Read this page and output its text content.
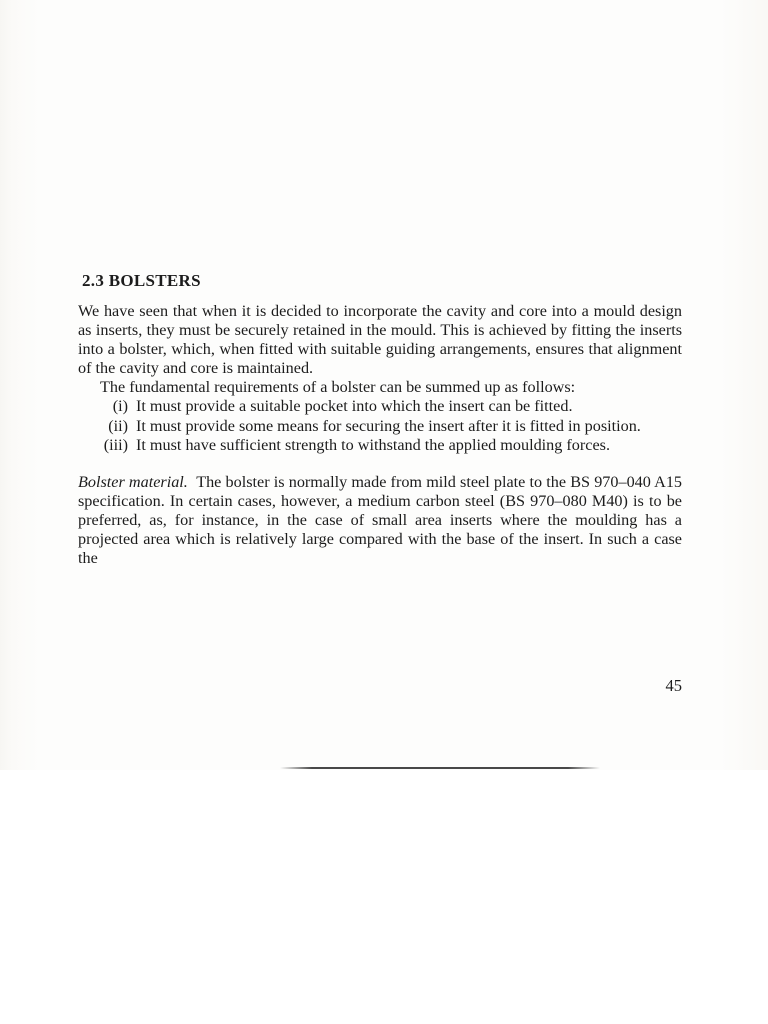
2.3 BOLSTERS

We have seen that when it is decided to incorporate the cavity and core into a mould design as inserts, they must be securely retained in the mould. This is achieved by fitting the inserts into a bolster, which, when fitted with suitable guiding arrangements, ensures that alignment of the cavity and core is maintained.

The fundamental requirements of a bolster can be summed up as follows:

(i) It must provide a suitable pocket into which the insert can be fitted.
(ii) It must provide some means for securing the insert after it is fitted in position.
(iii) It must have sufficient strength to withstand the applied moulding forces.

Bolster material. The bolster is normally made from mild steel plate to the BS 970–040 A15 specification. In certain cases, however, a medium carbon steel (BS 970–080 M40) is to be preferred, as, for instance, in the case of small area inserts where the moulding has a projected area which is relatively large compared with the base of the insert. In such a case the

45
